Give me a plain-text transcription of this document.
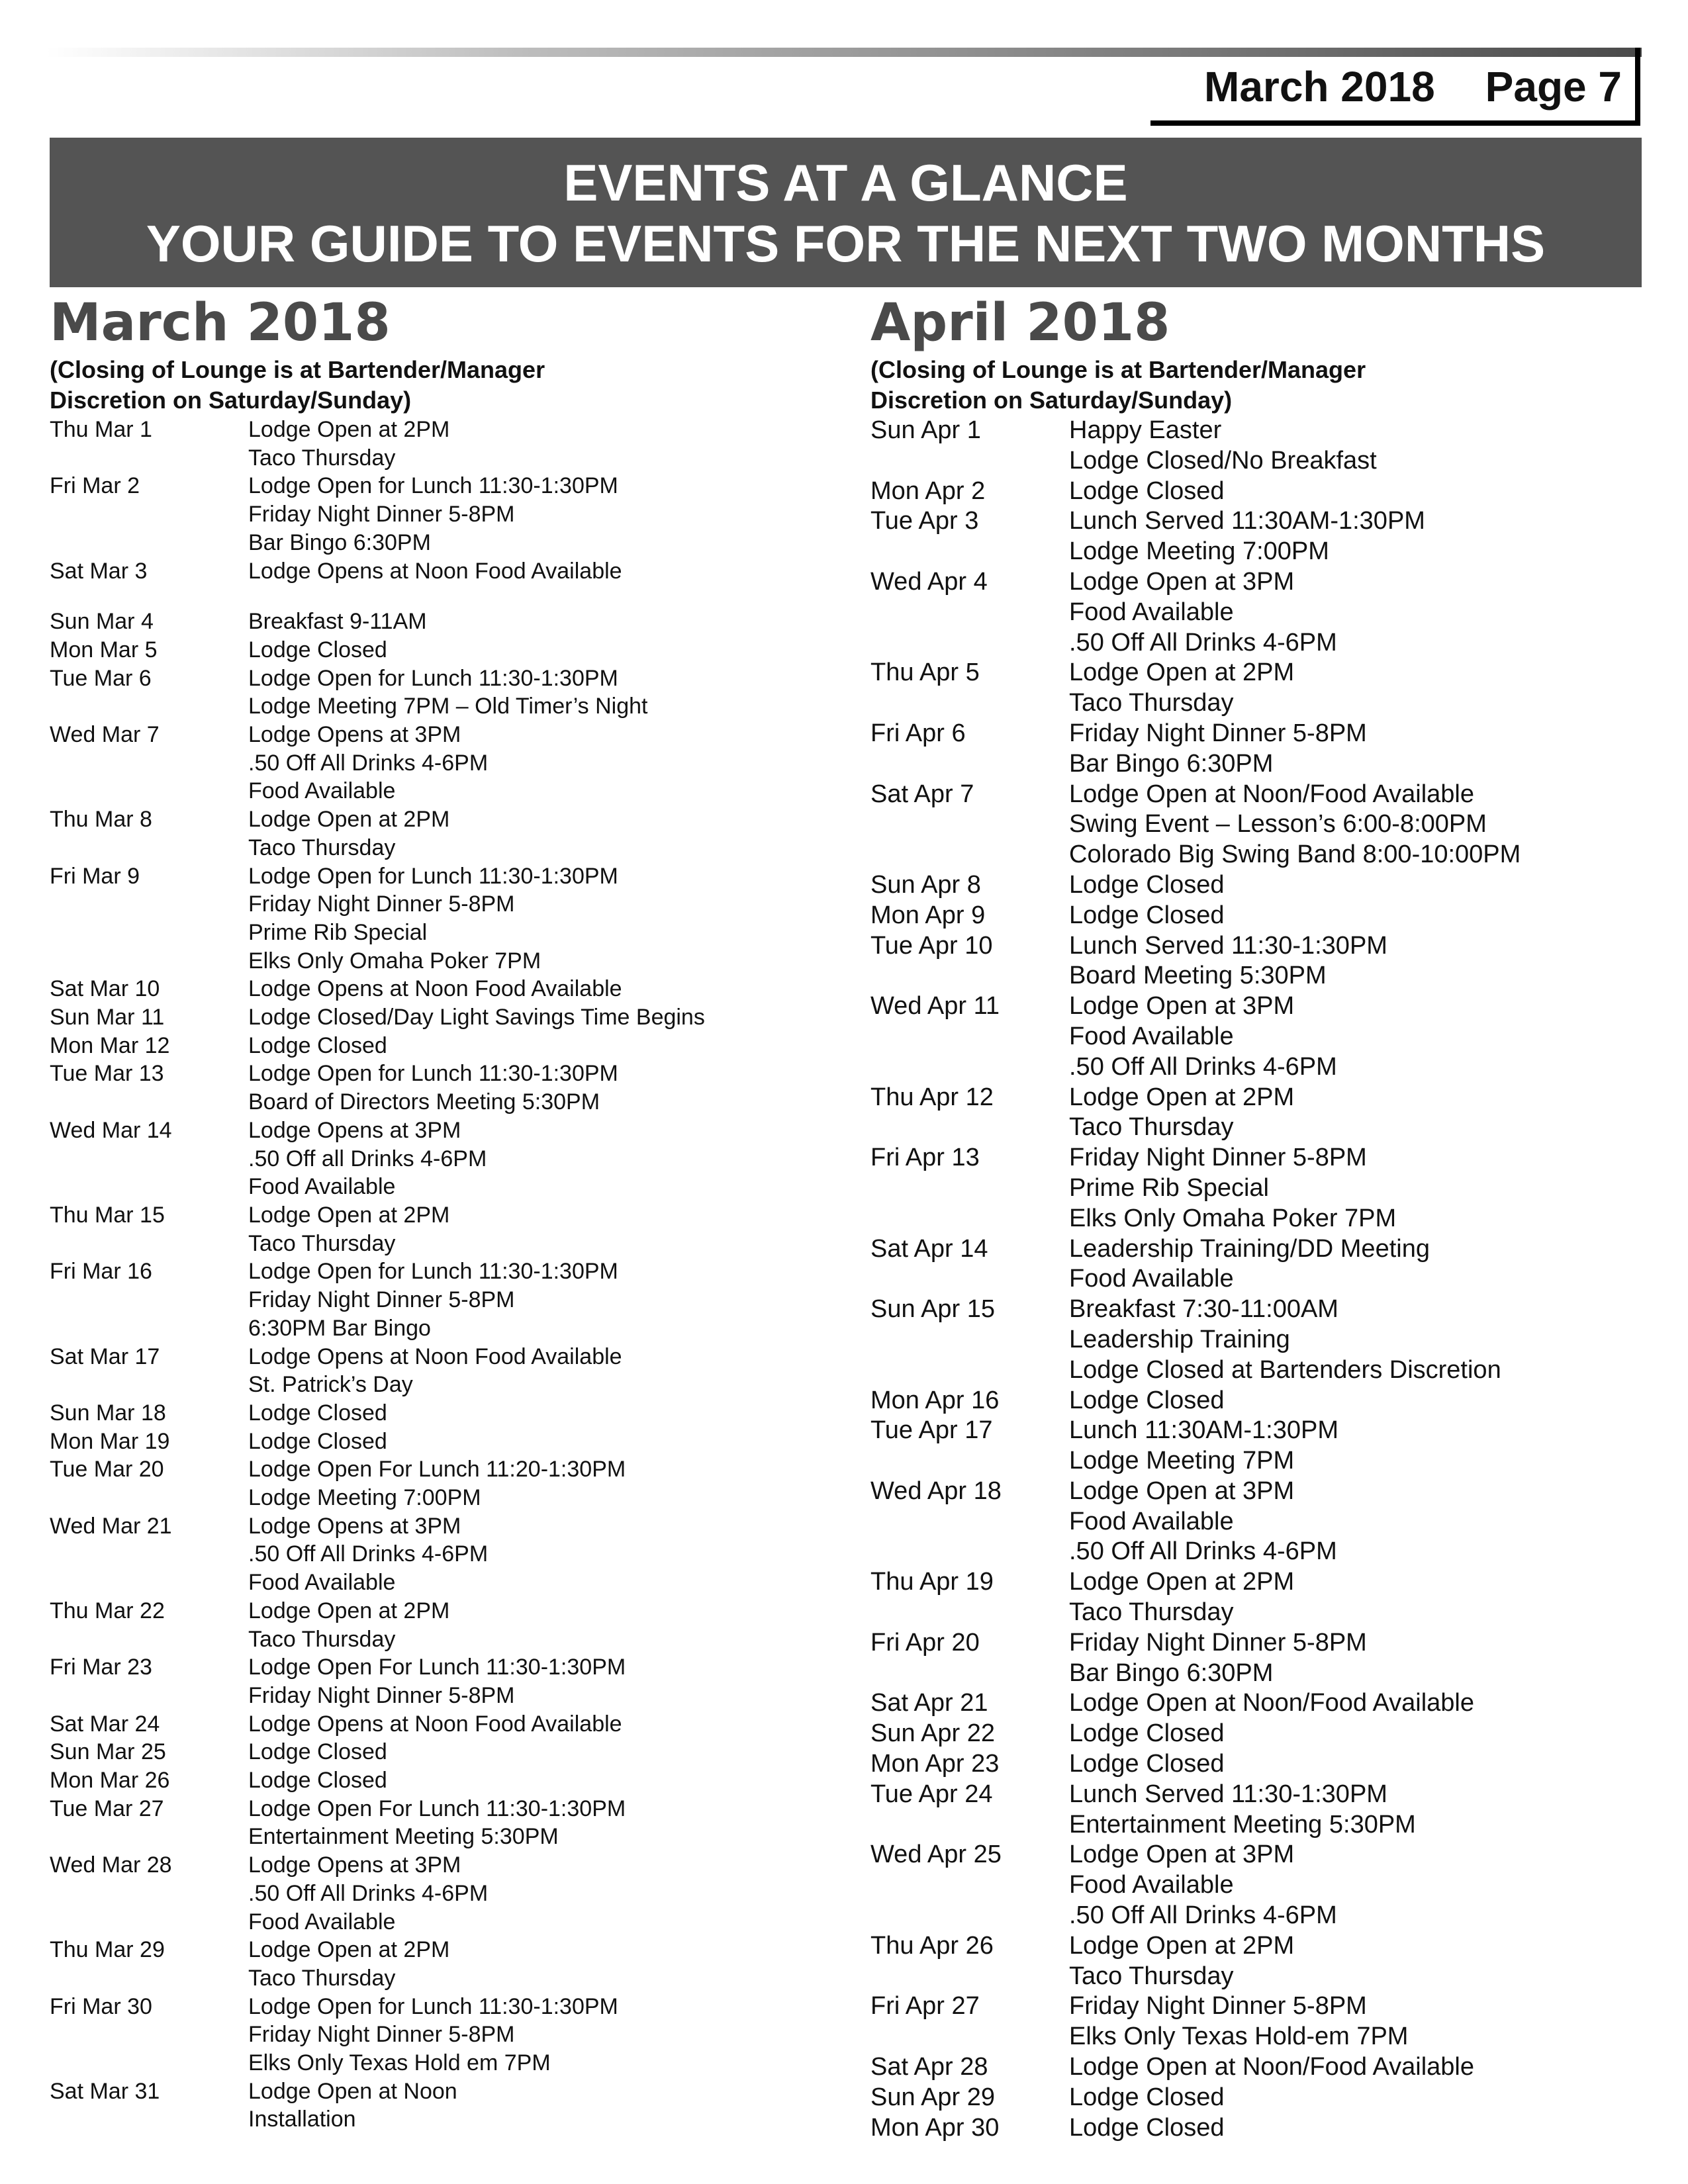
March 2018 Page 7
EVENTS AT A GLANCE
YOUR GUIDE TO EVENTS FOR THE NEXT TWO MONTHS
March 2018
(Closing of Lounge is at Bartender/Manager
Discretion on Saturday/Sunday)
Thu Mar 1	Lodge Open at 2PM
Taco Thursday
Fri Mar 2	Lodge Open for Lunch 11:30-1:30PM
Friday Night Dinner 5-8PM
Bar Bingo 6:30PM
Sat Mar 3	Lodge Opens at Noon Food Available
Sun Mar 4	Breakfast 9-11AM
Mon Mar 5	Lodge Closed
Tue Mar 6	Lodge Open for Lunch 11:30-1:30PM
Lodge Meeting 7PM – Old Timer’s Night
Wed Mar 7	Lodge Opens at 3PM
.50 Off All Drinks 4-6PM
Food Available
Thu Mar 8	Lodge Open at 2PM
Taco Thursday
Fri Mar 9	Lodge Open for Lunch 11:30-1:30PM
Friday Night Dinner 5-8PM
Prime Rib Special
Elks Only Omaha Poker 7PM
Sat Mar 10	Lodge Opens at Noon Food Available
Sun Mar 11	Lodge Closed/Day Light Savings Time Begins
Mon Mar 12	Lodge Closed
Tue Mar 13	Lodge Open for Lunch 11:30-1:30PM
Board of Directors Meeting 5:30PM
Wed Mar 14	Lodge Opens at 3PM
.50 Off all Drinks 4-6PM
Food Available
Thu Mar 15	Lodge Open at 2PM
Taco Thursday
Fri Mar 16	Lodge Open for Lunch 11:30-1:30PM
Friday Night Dinner 5-8PM
6:30PM Bar Bingo
Sat Mar 17	Lodge Opens at Noon Food Available
St. Patrick’s Day
Sun Mar 18	Lodge Closed
Mon Mar 19	Lodge Closed
Tue Mar 20	Lodge Open For Lunch 11:20-1:30PM
Lodge Meeting 7:00PM
Wed Mar 21	Lodge Opens at 3PM
.50 Off All Drinks 4-6PM
Food Available
Thu Mar 22	Lodge Open at 2PM
Taco Thursday
Fri Mar 23	Lodge Open For Lunch 11:30-1:30PM
Friday Night Dinner 5-8PM
Sat Mar 24	Lodge Opens at Noon Food Available
Sun Mar 25	Lodge Closed
Mon Mar 26	Lodge Closed
Tue Mar 27	Lodge Open For Lunch 11:30-1:30PM
Entertainment Meeting 5:30PM
Wed Mar 28	Lodge Opens at 3PM
.50 Off All Drinks 4-6PM
Food Available
Thu Mar 29	Lodge Open at 2PM
Taco Thursday
Fri Mar 30	Lodge Open for Lunch 11:30-1:30PM
Friday Night Dinner 5-8PM
Elks Only Texas Hold em 7PM
Sat Mar 31	Lodge Open at Noon
Installation
April 2018
(Closing of Lounge is at Bartender/Manager
Discretion on Saturday/Sunday)
Sun Apr 1	Happy Easter
Lodge Closed/No Breakfast
Mon Apr 2	Lodge Closed
Tue Apr 3	Lunch Served 11:30AM-1:30PM
Lodge Meeting 7:00PM
Wed Apr 4	Lodge Open at 3PM
Food Available
.50 Off All Drinks 4-6PM
Thu Apr 5	Lodge Open at 2PM
Taco Thursday
Fri Apr 6	Friday Night Dinner 5-8PM
Bar Bingo 6:30PM
Sat Apr 7	Lodge Open at Noon/Food Available
Swing Event – Lesson’s 6:00-8:00PM
Colorado Big Swing Band 8:00-10:00PM
Sun Apr 8	Lodge Closed
Mon Apr 9	Lodge Closed
Tue Apr 10	Lunch Served 11:30-1:30PM
Board Meeting 5:30PM
Wed Apr 11	Lodge Open at 3PM
Food Available
.50 Off All Drinks 4-6PM
Thu Apr 12	Lodge Open at 2PM
Taco Thursday
Fri Apr 13	Friday Night Dinner 5-8PM
Prime Rib Special
Elks Only Omaha Poker 7PM
Sat Apr 14	Leadership Training/DD Meeting
Food Available
Sun Apr 15	Breakfast 7:30-11:00AM
Leadership Training
Lodge Closed at Bartenders Discretion
Mon Apr 16	Lodge Closed
Tue Apr 17	Lunch 11:30AM-1:30PM
Lodge Meeting 7PM
Wed Apr 18	Lodge Open at 3PM
Food Available
.50 Off All Drinks 4-6PM
Thu Apr 19	Lodge Open at 2PM
Taco Thursday
Fri Apr 20	Friday Night Dinner 5-8PM
Bar Bingo 6:30PM
Sat Apr 21	Lodge Open at Noon/Food Available
Sun Apr 22	Lodge Closed
Mon Apr 23	Lodge Closed
Tue Apr 24	Lunch Served 11:30-1:30PM
Entertainment Meeting 5:30PM
Wed Apr 25	Lodge Open at 3PM
Food Available
.50 Off All Drinks 4-6PM
Thu Apr 26	Lodge Open at 2PM
Taco Thursday
Fri Apr 27	Friday Night Dinner 5-8PM
Elks Only Texas Hold-em 7PM
Sat Apr 28	Lodge Open at Noon/Food Available
Sun Apr 29	Lodge Closed
Mon Apr 30	Lodge Closed
